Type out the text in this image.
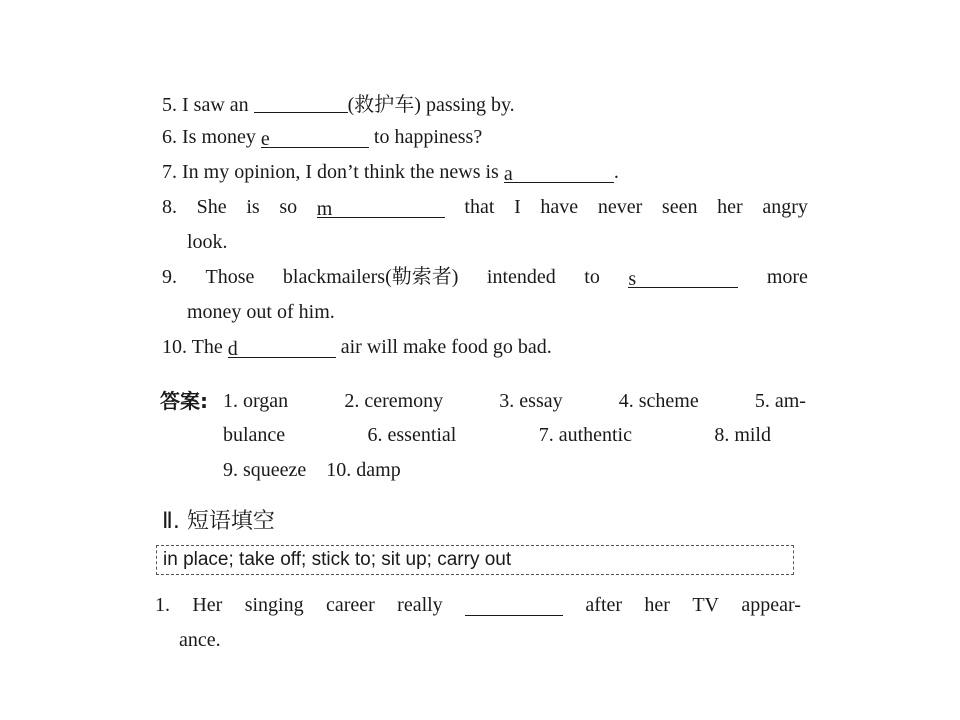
5. I saw an	(救护车) passing by.
6. Is money e	to happiness?
7. In my opinion, I don’t think the news is a	.
8. She is so m	that I have never seen her angry
look.
9. Those blackmailers(勒索者) intended to s	more
money out of him.
10. The d	air will make food go bad.
答案: 1. organ	2. ceremony	3. essay	4. scheme	5. am-
bulance	6. essential	7. authentic	8. mild
9. squeeze    10. damp
Ⅱ. 短语填空
in place; take off; stick to; sit up; carry out
1. Her singing career really	after her TV appear-
ance.
